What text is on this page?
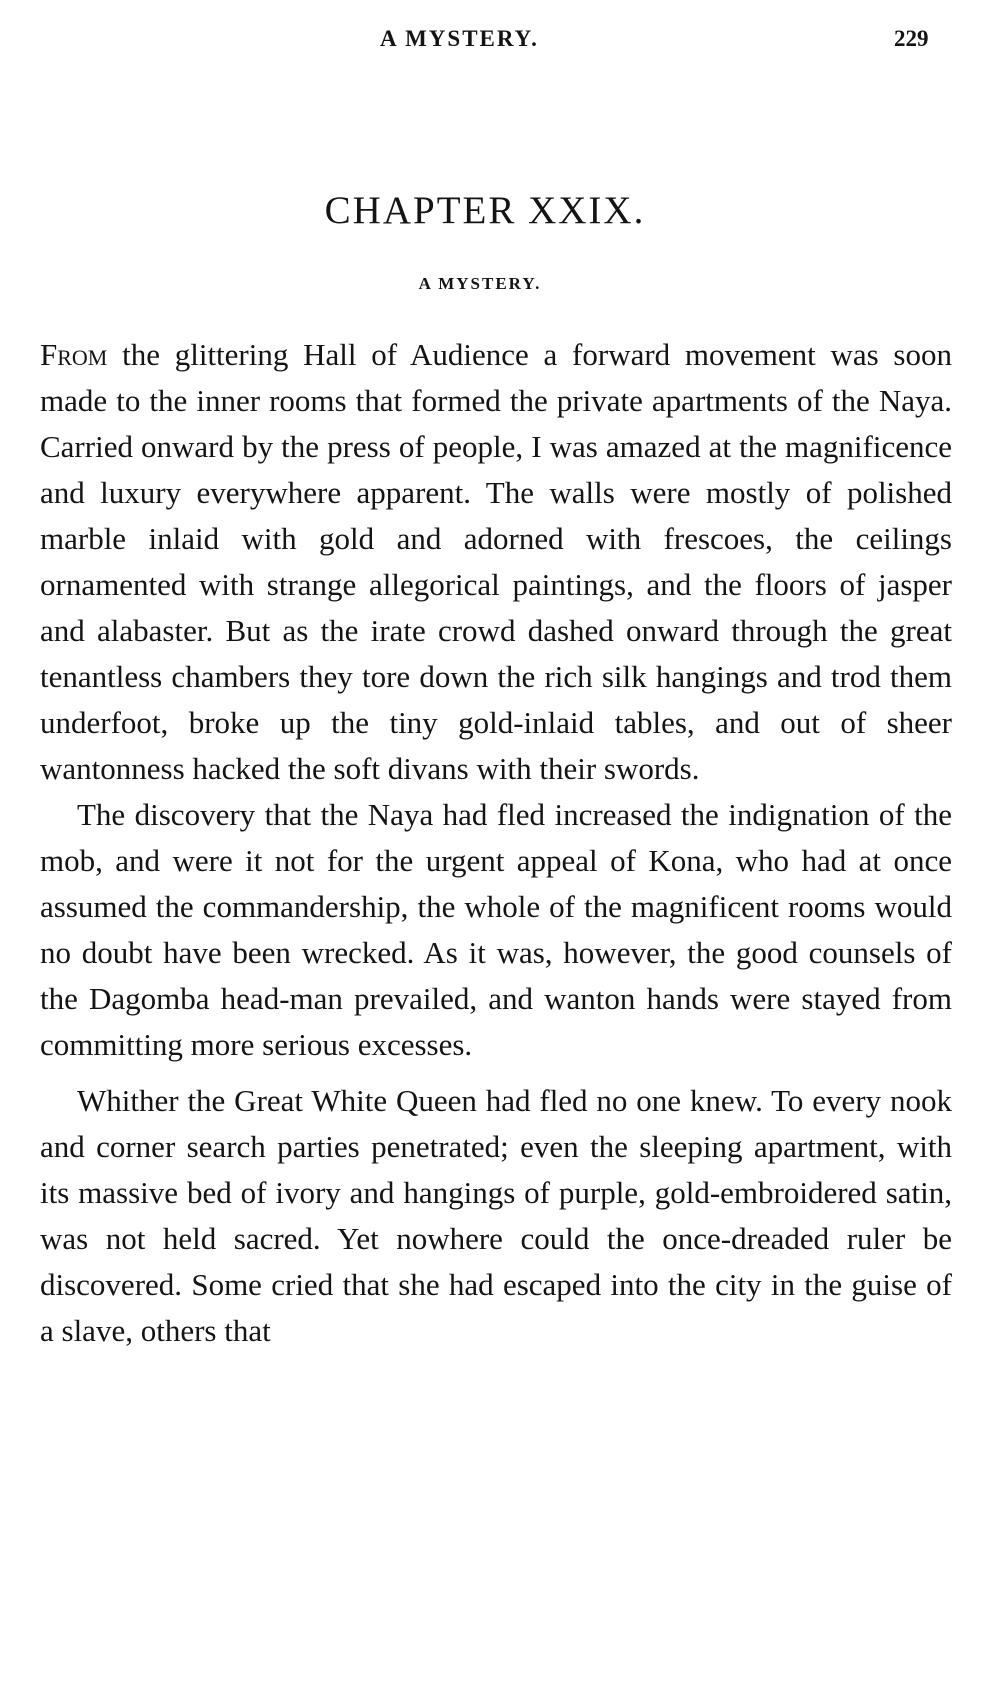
A MYSTERY.	229
CHAPTER XXIX.
A MYSTERY.

From the glittering Hall of Audience a forward movement was soon made to the inner rooms that formed the private apartments of the Naya. Carried onward by the press of people, I was amazed at the magnificence and luxury everywhere apparent. The walls were mostly of polished marble inlaid with gold and adorned with frescoes, the ceilings ornamented with strange allegorical paintings, and the floors of jasper and alabaster. But as the irate crowd dashed onward through the great tenantless chambers they tore down the rich silk hangings and trod them underfoot, broke up the tiny gold-inlaid tables, and out of sheer wantonness hacked the soft divans with their swords.

The discovery that the Naya had fled increased the indignation of the mob, and were it not for the urgent appeal of Kona, who had at once assumed the commandership, the whole of the magnificent rooms would no doubt have been wrecked. As it was, however, the good counsels of the Dagomba head-man prevailed, and wanton hands were stayed from committing more serious excesses.

Whither the Great White Queen had fled no one knew. To every nook and corner search parties penetrated; even the sleeping apartment, with its massive bed of ivory and hangings of purple, gold-embroidered satin, was not held sacred. Yet nowhere could the once-dreaded ruler be discovered. Some cried that she had escaped into the city in the guise of a slave, others that
